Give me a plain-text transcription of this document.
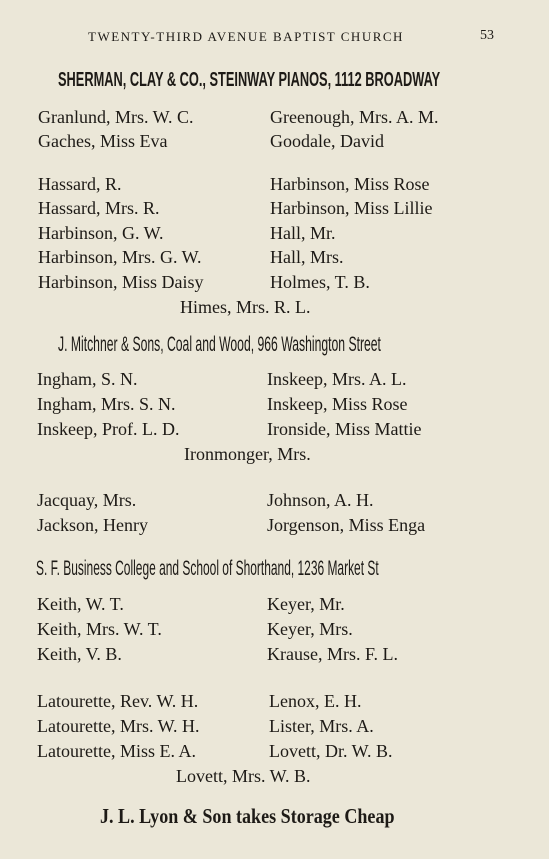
TWENTY-THIRD AVENUE BAPTIST CHURCH	53
SHERMAN, CLAY & CO., STEINWAY PIANOS, 1112 BROADWAY
Granlund, Mrs. W. C.	Greenough, Mrs. A. M.
Gaches, Miss Eva	Goodale, David
Hassard, R.	Harbinson, Miss Rose
Hassard, Mrs. R.	Harbinson, Miss Lillie
Harbinson, G. W.	Hall, Mr.
Harbinson, Mrs. G. W.	Hall, Mrs.
Harbinson, Miss Daisy	Holmes, T. B.
Himes, Mrs. R. L.
J. Mitchner & Sons, Coal and Wood, 966 Washington Street
Ingham, S. N.	Inskeep, Mrs. A. L.
Ingham, Mrs. S. N.	Inskeep, Miss Rose
Inskeep, Prof. L. D.	Ironside, Miss Mattie
Ironmonger, Mrs.
Jacquay, Mrs.	Johnson, A. H.
Jackson, Henry	Jorgenson, Miss Enga
S. F. Business College and School of Shorthand, 1236 Market St
Keith, W. T.	Keyer, Mr.
Keith, Mrs. W. T.	Keyer, Mrs.
Keith, V. B.	Krause, Mrs. F. L.
Latourette, Rev. W. H.	Lenox, E. H.
Latourette, Mrs. W. H.	Lister, Mrs. A.
Latourette, Miss E. A.	Lovett, Dr. W. B.
Lovett, Mrs. W. B.
J. L. Lyon & Son takes Storage Cheap
